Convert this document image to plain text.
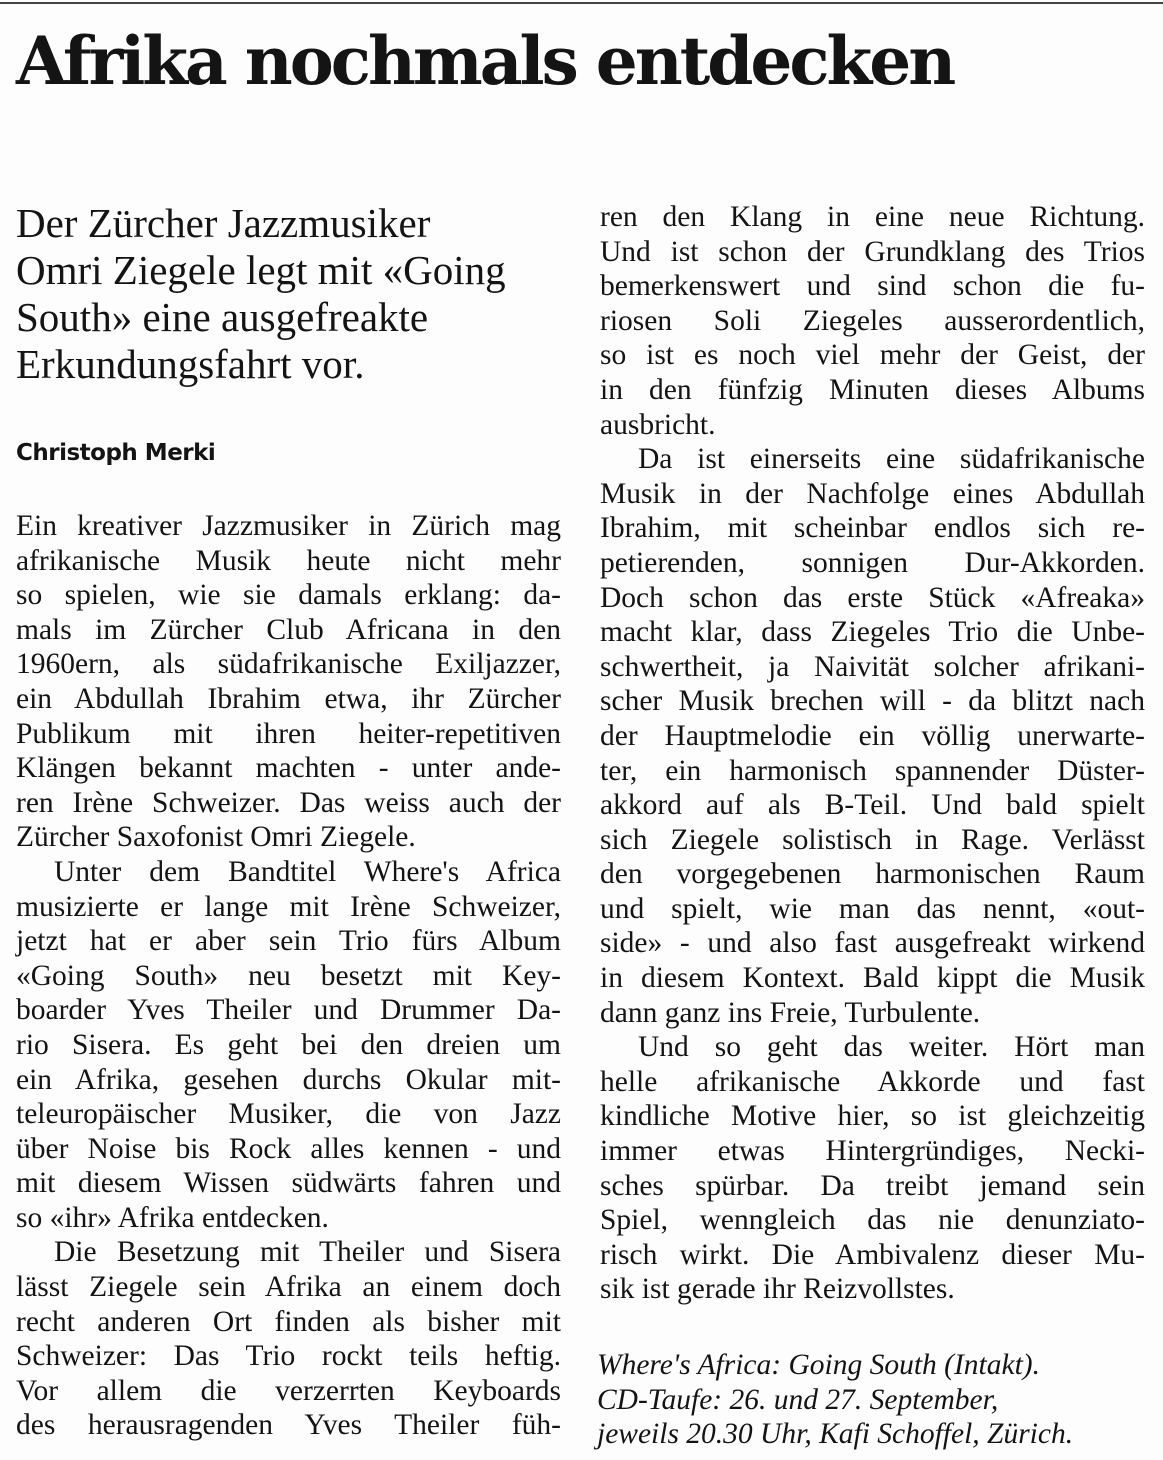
Afrika nochmals entdecken
Der Zürcher Jazzmusiker
Omri Ziegele legt mit «Going
South» eine ausgefreakte
Erkundungsfahrt vor.
Christoph Merki
Ein kreativer Jazzmusiker in Zürich mag
afrikanische Musik heute nicht mehr
so spielen, wie sie damals erklang: da-
mals im Zürcher Club Africana in den
1960ern, als südafrikanische Exiljazzer,
ein Abdullah Ibrahim etwa, ihr Zürcher
Publikum mit ihren heiter-repetitiven
Klängen bekannt machten - unter ande-
ren Irène Schweizer. Das weiss auch der
Zürcher Saxofonist Omri Ziegele.
Unter dem Bandtitel Where's Africa
musizierte er lange mit Irène Schweizer,
jetzt hat er aber sein Trio fürs Album
«Going South» neu besetzt mit Key-
boarder Yves Theiler und Drummer Da-
rio Sisera. Es geht bei den dreien um
ein Afrika, gesehen durchs Okular mit-
teleuropäischer Musiker, die von Jazz
über Noise bis Rock alles kennen - und
mit diesem Wissen südwärts fahren und
so «ihr» Afrika entdecken.
Die Besetzung mit Theiler und Sisera
lässt Ziegele sein Afrika an einem doch
recht anderen Ort finden als bisher mit
Schweizer: Das Trio rockt teils heftig.
Vor allem die verzerrten Keyboards
des herausragenden Yves Theiler füh-
ren den Klang in eine neue Richtung.
Und ist schon der Grundklang des Trios
bemerkenswert und sind schon die fu-
riosen Soli Ziegeles ausserordentlich,
so ist es noch viel mehr der Geist, der
in den fünfzig Minuten dieses Albums
ausbricht.
Da ist einerseits eine südafrikanische
Musik in der Nachfolge eines Abdullah
Ibrahim, mit scheinbar endlos sich re-
petierenden, sonnigen Dur-Akkorden.
Doch schon das erste Stück «Afreaka»
macht klar, dass Ziegeles Trio die Unbe-
schwertheit, ja Naivität solcher afrikani-
scher Musik brechen will - da blitzt nach
der Hauptmelodie ein völlig unerwarte-
ter, ein harmonisch spannender Düster-
akkord auf als B-Teil. Und bald spielt
sich Ziegele solistisch in Rage. Verlässt
den vorgegebenen harmonischen Raum
und spielt, wie man das nennt, «out-
side» - und also fast ausgefreakt wirkend
in diesem Kontext. Bald kippt die Musik
dann ganz ins Freie, Turbulente.
Und so geht das weiter. Hört man
helle afrikanische Akkorde und fast
kindliche Motive hier, so ist gleichzeitig
immer etwas Hintergründiges, Necki-
sches spürbar. Da treibt jemand sein
Spiel, wenngleich das nie denunziato-
risch wirkt. Die Ambivalenz dieser Mu-
sik ist gerade ihr Reizvollstes.
Where's Africa: Going South (Intakt).
CD-Taufe: 26. und 27. September,
jeweils 20.30 Uhr, Kafi Schoffel, Zürich.
